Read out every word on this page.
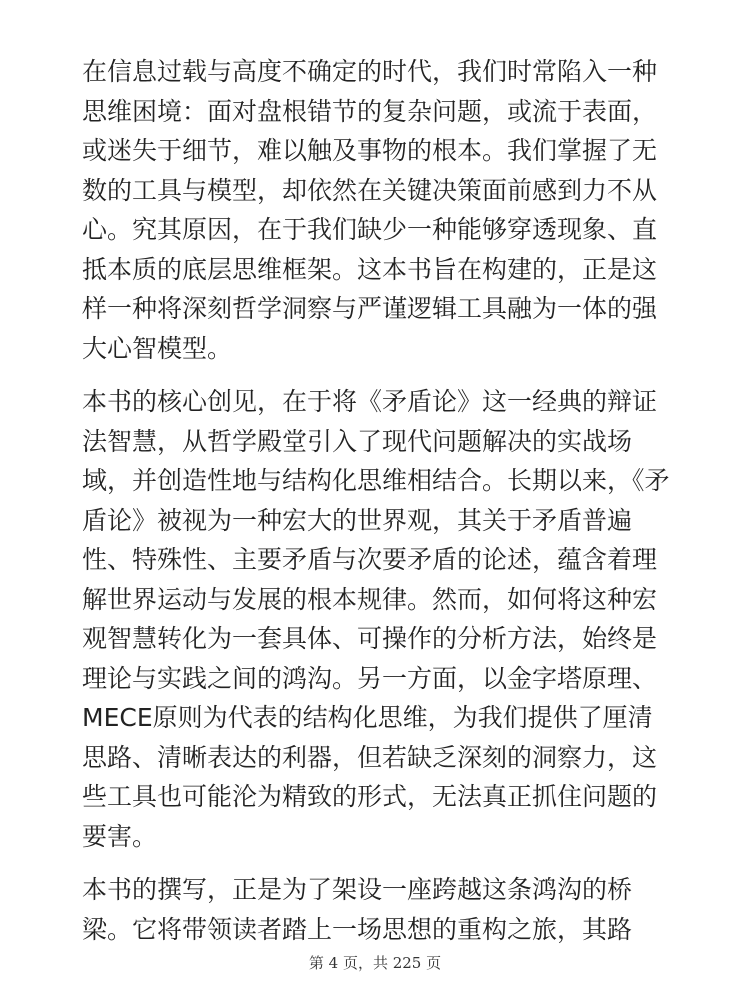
在信息过载与高度不确定的时代，我们时常陷入一种思维困境：面对盘根错节的复杂问题，或流于表面，或迷失于细节，难以触及事物的根本。我们掌握了无数的工具与模型，却依然在关键决策面前感到力不从心。究其原因，在于我们缺少一种能够穿透现象、直抵本质的底层思维框架。这本书旨在构建的，正是这样一种将深刻哲学洞察与严谨逻辑工具融为一体的强大心智模型。

本书的核心创见，在于将《矛盾论》这一经典的辩证法智慧，从哲学殿堂引入了现代问题解决的实战场域，并创造性地与结构化思维相结合。长期以来，《矛盾论》被视为一种宏大的世界观，其关于矛盾普遍性、特殊性、主要矛盾与次要矛盾的论述，蕴含着理解世界运动与发展的根本规律。然而，如何将这种宏观智慧转化为一套具体、可操作的分析方法，始终是理论与实践之间的鸿沟。另一方面，以金字塔原理、MECE原则为代表的结构化思维，为我们提供了厘清思路、清晰表达的利器，但若缺乏深刻的洞察力，这些工具也可能沦为精致的形式，无法真正抓住问题的要害。

本书的撰写，正是为了架设一座跨越这条鸿沟的桥梁。它将带领读者踏上一场思想的重构之旅，其路

第 4 页，共 225 页
